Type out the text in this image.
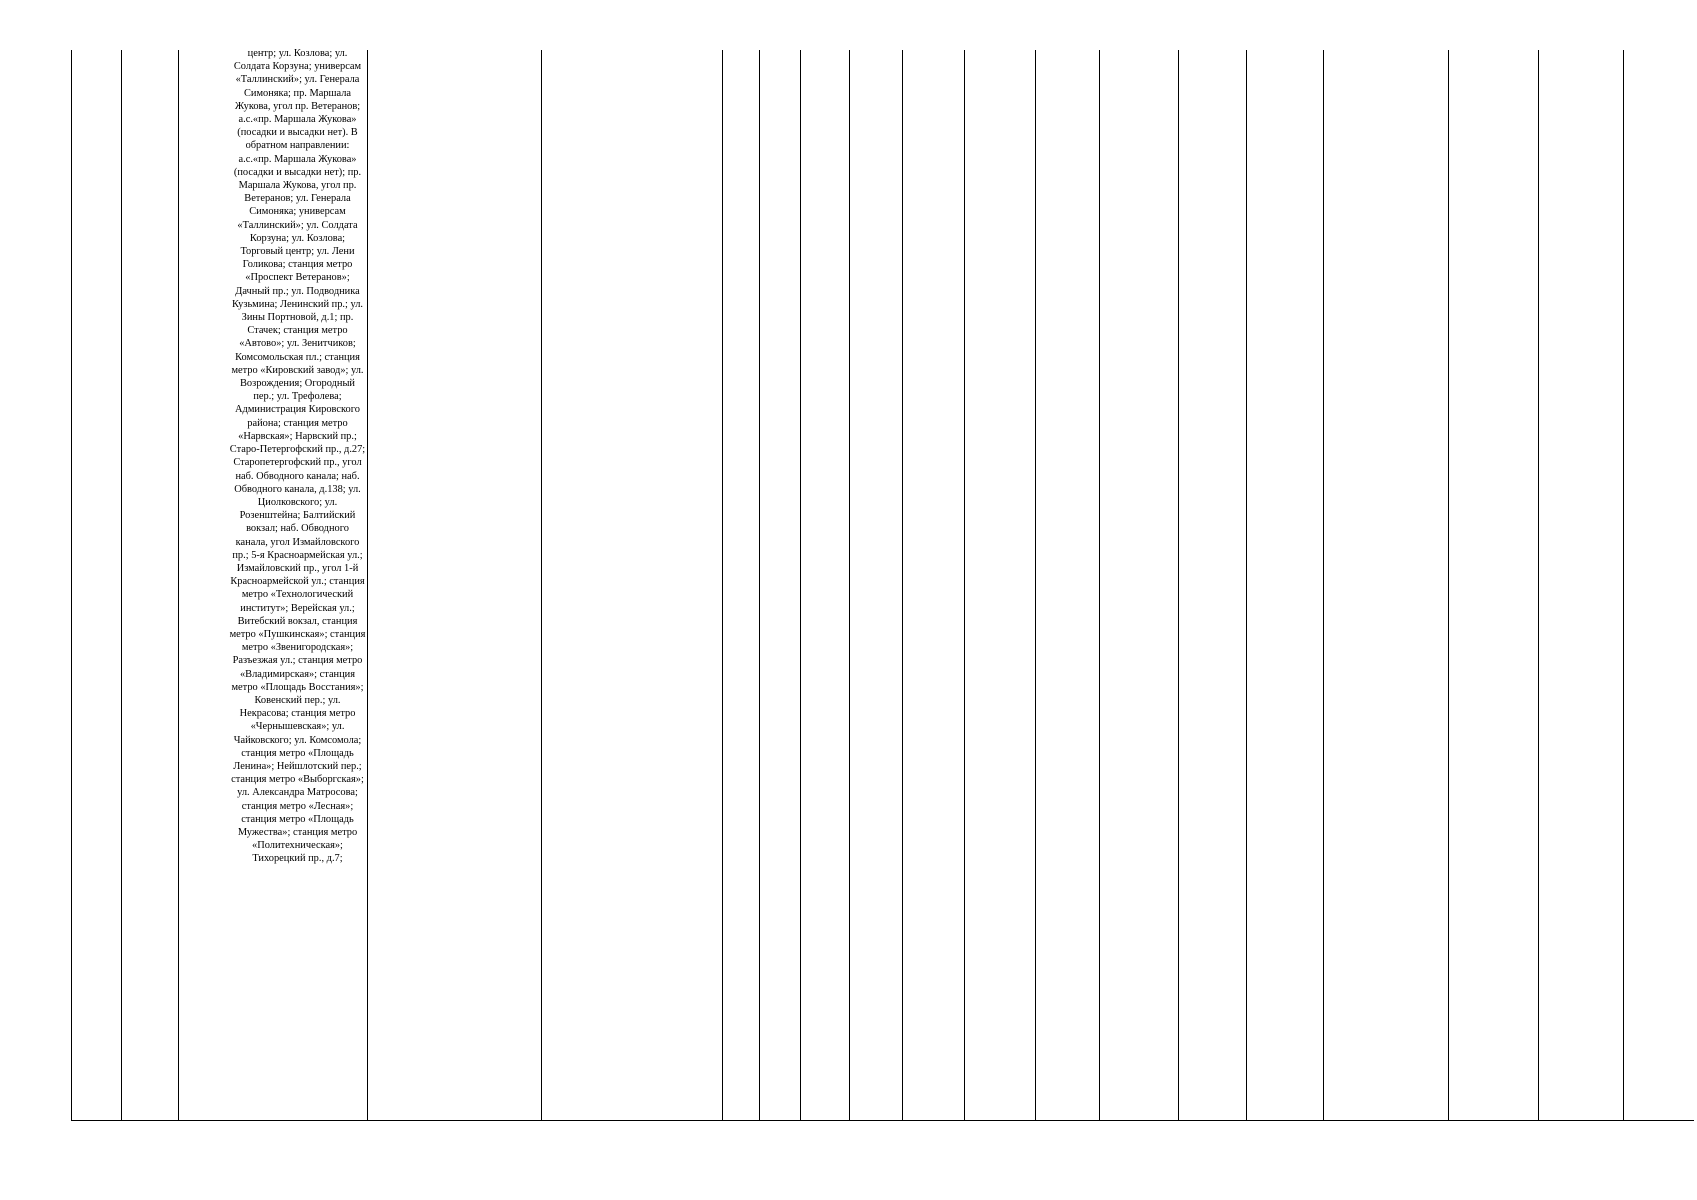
центр; ул. Козлова; ул. Солдата Корзуна; универсам «Таллинский»; ул. Генерала Симоняка; пр. Маршала Жукова, угол пр. Ветеранов; а.с.«пр. Маршала Жукова» (посадки и высадки нет). В обратном направлении: а.с.«пр. Маршала Жукова» (посадки и высадки нет); пр. Маршала Жукова, угол пр. Ветеранов; ул. Генерала Симоняка; универсам «Таллинский»; ул. Солдата Корзуна; ул. Козлова; Торговый центр; ул. Лени Голикова; станция метро «Проспект Ветеранов»; Дачный пр.; ул. Подводника Кузьмина; Ленинский пр.; ул. Зины Портновой, д.1; пр. Стачек; станция метро «Автово»; ул. Зенитчиков; Комсомольская пл.; станция метро «Кировский завод»; ул. Возрождения; Огородный пер.; ул. Трефолева; Администрация Кировского района; станция метро «Нарвская»; Нарвский пр.; Старо-Петергофский пр., д.27; Старопетергофский пр., угол наб. Обводного канала; наб. Обводного канала, д.138; ул. Циолковского; ул. Розенштейна; Балтийский вокзал; наб. Обводного канала, угол Измайловского пр.; 5-я Красноармейская ул.; Измайловский пр., угол 1-й Красноармейской ул.; станция метро «Технологический институт»; Верейская ул.; Витебский вокзал, станция метро «Пушкинская»; станция метро «Звенигородская»; Разъезжая ул.; станция метро «Владимирская»; станция метро «Площадь Восстания»; Ковенский пер.; ул. Некрасова; станция метро «Чернышевская»; ул. Чайковского; ул. Комсомола; станция метро «Площадь Ленина»; Нейшлотский пер.; станция метро «Выборгская»; ул. Александра Матросова; станция метро «Лесная»; станция метро «Площадь Мужества»; станция метро «Политехническая»; Тихорецкий пр., д.7;
